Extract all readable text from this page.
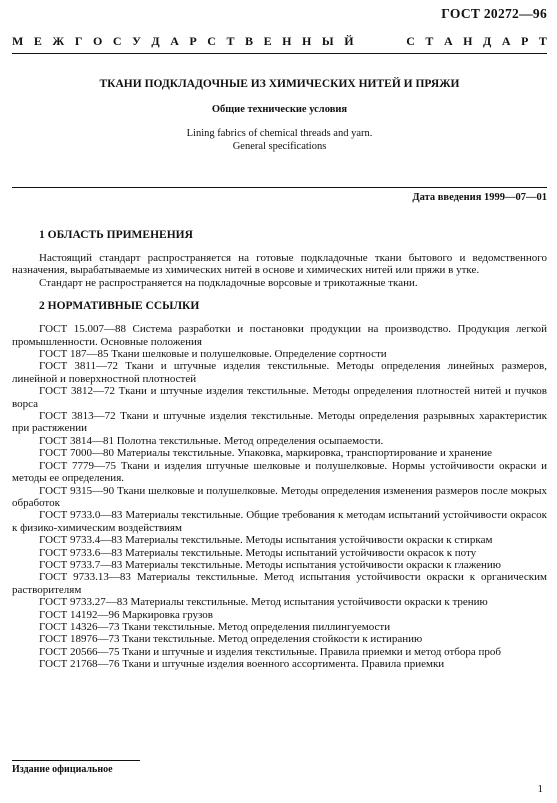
ГОСТ 20272—96
М Е Ж Г О С У Д А Р С Т В Е Н Н Ы Й	С Т А Н Д А Р Т
ТКАНИ ПОДКЛАДОЧНЫЕ ИЗ ХИМИЧЕСКИХ НИТЕЙ И ПРЯЖИ
Общие технические условия
Lining fabrics of chemical threads and yarn.
General specifications
Дата введения 1999—07—01
1 ОБЛАСТЬ ПРИМЕНЕНИЯ

Настоящий стандарт распространяется на готовые подкладочные ткани бытового и ведомственного назначения, вырабатываемые из химических нитей в основе и химических нитей или пряжи в утке.

Стандарт не распространяется на подкладочные ворсовые и трикотажные ткани.

2 НОРМАТИВНЫЕ ССЫЛКИ

ГОСТ 15.007—88 Система разработки и постановки продукции на производство. Продукция легкой промышленности. Основные положения

ГОСТ 187—85 Ткани шелковые и полушелковые. Определение сортности

ГОСТ 3811—72 Ткани и штучные изделия текстильные. Методы определения линейных размеров, линейной и поверхностной плотностей

ГОСТ 3812—72 Ткани и штучные изделия текстильные. Методы определения плотностей нитей и пучков ворса

ГОСТ 3813—72 Ткани и штучные изделия текстильные. Методы определения разрывных характеристик при растяжении

ГОСТ 3814—81 Полотна текстильные. Метод определения осыпаемости.

ГОСТ 7000—80 Материалы текстильные. Упаковка, маркировка, транспортирование и хранение

ГОСТ 7779—75 Ткани и изделия штучные шелковые и полушелковые. Нормы устойчивости окраски и методы ее определения.

ГОСТ 9315—90 Ткани шелковые и полушелковые. Методы определения изменения размеров после мокрых обработок

ГОСТ 9733.0—83 Материалы текстильные. Общие требования к методам испытаний устойчивости окрасок к физико-химическим воздействиям

ГОСТ 9733.4—83 Материалы текстильные. Методы испытания устойчивости окраски к стиркам

ГОСТ 9733.6—83 Материалы текстильные. Методы испытаний устойчивости окрасок к поту

ГОСТ 9733.7—83 Материалы текстильные. Методы испытания устойчивости окраски к глажению

ГОСТ 9733.13—83 Материалы текстильные. Метод испытания устойчивости окраски к органическим растворителям

ГОСТ 9733.27—83 Материалы текстильные. Метод испытания устойчивости окраски к трению

ГОСТ 14192—96 Маркировка грузов

ГОСТ 14326—73 Ткани текстильные. Метод определения пиллингуемости

ГОСТ 18976—73 Ткани текстильные. Метод определения стойкости к истиранию

ГОСТ 20566—75 Ткани и штучные и изделия текстильные. Правила приемки и метод отбора проб

ГОСТ 21768—76 Ткани и штучные изделия военного ассортимента. Правила приемки

Издание официальное
1
